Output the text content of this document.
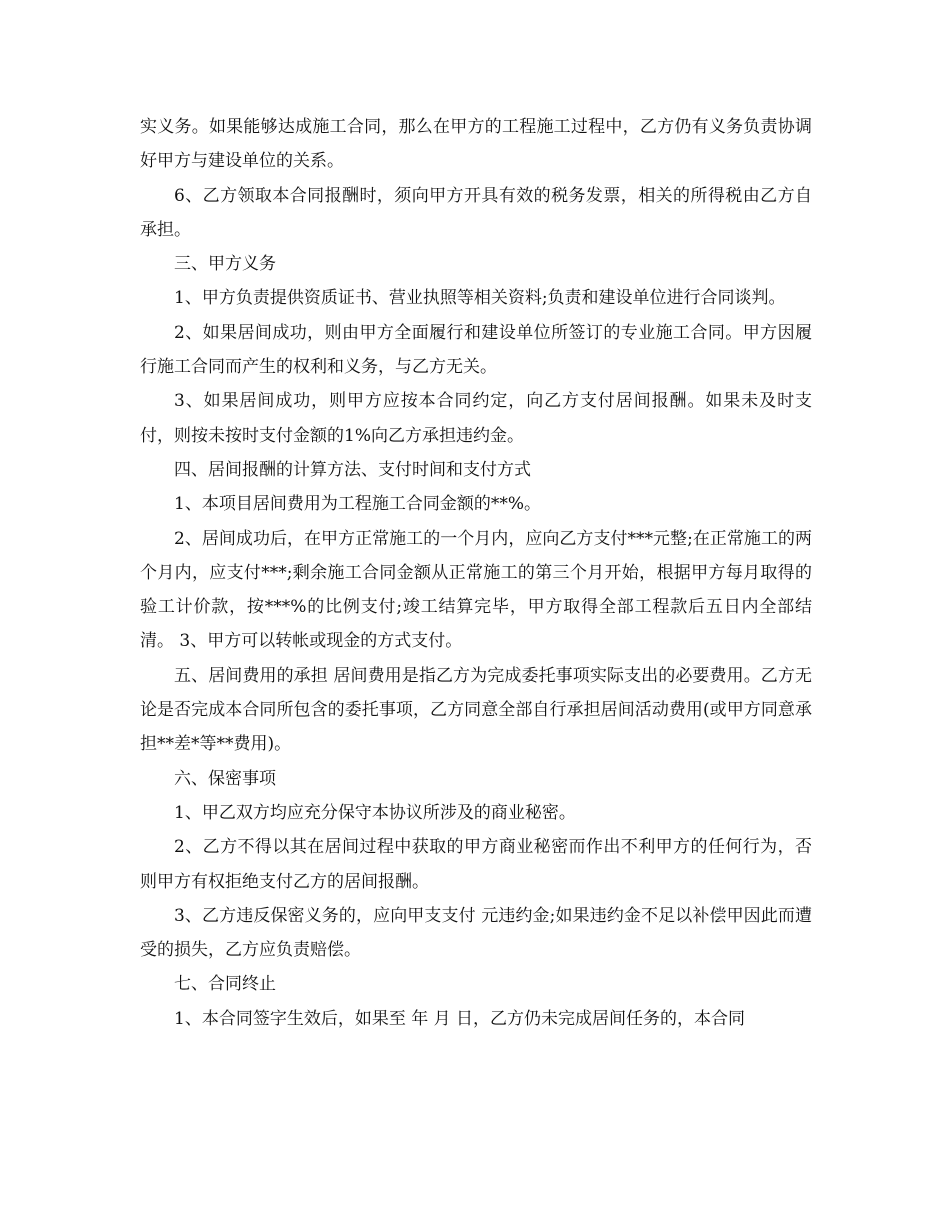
实义务。如果能够达成施工合同，那么在甲方的工程施工过程中，乙方仍有义务负责协调好甲方与建设单位的关系。

6、乙方领取本合同报酬时，须向甲方开具有效的税务发票，相关的所得税由乙方自承担。

三、甲方义务

1、甲方负责提供资质证书、营业执照等相关资料;负责和建设单位进行合同谈判。

2、如果居间成功，则由甲方全面履行和建设单位所签订的专业施工合同。甲方因履行施工合同而产生的权利和义务，与乙方无关。

3、如果居间成功，则甲方应按本合同约定，向乙方支付居间报酬。如果未及时支付，则按未按时支付金额的1%向乙方承担违约金。

四、居间报酬的计算方法、支付时间和支付方式

1、本项目居间费用为工程施工合同金额的**%。

2、居间成功后，在甲方正常施工的一个月内，应向乙方支付***元整;在正常施工的两个月内，应支付***;剩余施工合同金额从正常施工的第三个月开始，根据甲方每月取得的验工计价款，按***%的比例支付;竣工结算完毕，甲方取得全部工程款后五日内全部结清。 3、甲方可以转帐或现金的方式支付。

五、居间费用的承担 居间费用是指乙方为完成委托事项实际支出的必要费用。乙方无论是否完成本合同所包含的委托事项，乙方同意全部自行承担居间活动费用(或甲方同意承担**差*等**费用)。

六、保密事项

1、甲乙双方均应充分保守本协议所涉及的商业秘密。

2、乙方不得以其在居间过程中获取的甲方商业秘密而作出不利甲方的任何行为，否则甲方有权拒绝支付乙方的居间报酬。

3、乙方违反保密义务的，应向甲支支付 元违约金;如果违约金不足以补偿甲因此而遭受的损失，乙方应负责赔偿。

七、合同终止

1、本合同签字生效后，如果至 年 月 日，乙方仍未完成居间任务的，本合同
